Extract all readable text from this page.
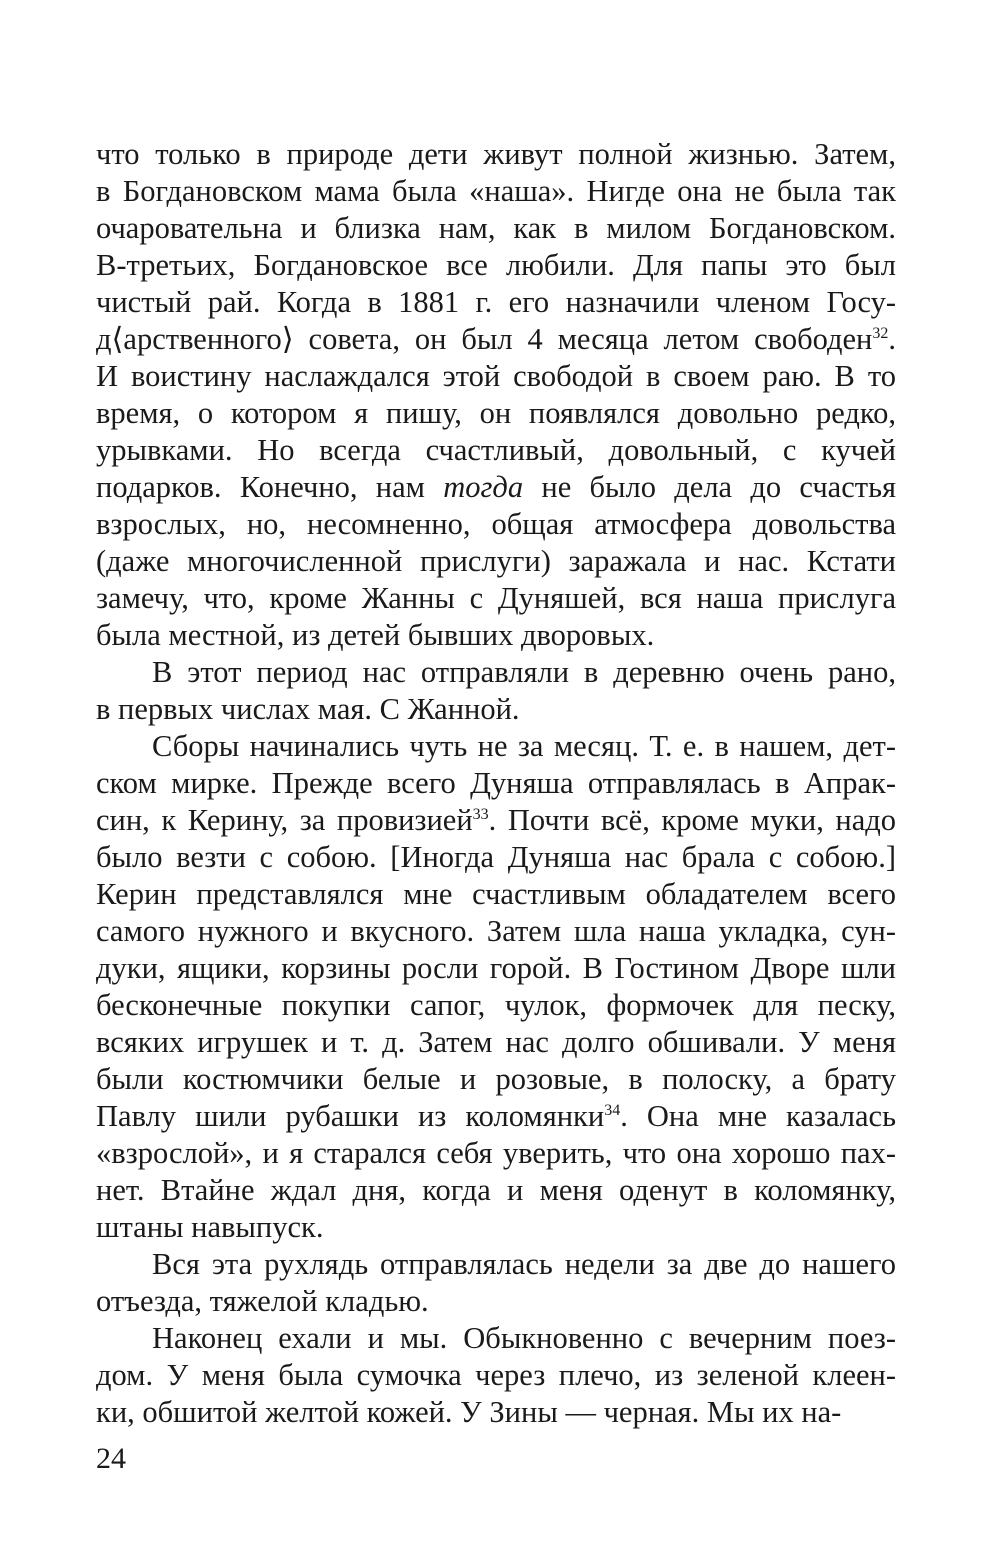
что только в природе дети живут полной жизнью. Затем,
в Богдановском мама была «наша». Нигде она не была так
очаровательна и близка нам, как в милом Богдановском.
В-третьих, Богдановское все любили. Для папы это был
чистый рай. Когда в 1881 г. его назначили членом Госу-
д⟨арственного⟩ совета, он был 4 месяца летом свободен$^{32}$.
И воистину наслаждался этой свободой в своем раю. В то
время, о котором я пишу, он появлялся довольно редко,
урывками. Но всегда счастливый, довольный, с кучей
подарков. Конечно, нам тогда не было дела до счастья
взрослых, но, несомненно, общая атмосфера довольства
(даже многочисленной прислуги) заражала и нас. Кстати
замечу, что, кроме Жанны с Дуняшей, вся наша прислуга
была местной, из детей бывших дворовых.
В этот период нас отправляли в деревню очень рано,
в первых числах мая. С Жанной.
Сборы начинались чуть не за месяц. Т. е. в нашем, дет-
ском мирке. Прежде всего Дуняша отправлялась в Апрак-
син, к Керину, за провизией$^{33}$. Почти всё, кроме муки, надо
было везти с собою. [Иногда Дуняша нас брала с собою.]
Керин представлялся мне счастливым обладателем всего
самого нужного и вкусного. Затем шла наша укладка, сун-
дуки, ящики, корзины росли горой. В Гостином Дворе шли
бесконечные покупки сапог, чулок, формочек для песку,
всяких игрушек и т. д. Затем нас долго обшивали. У меня
были костюмчики белые и розовые, в полоску, а брату
Павлу шили рубашки из коломянки$^{34}$. Она мне казалась
«взрослой», и я старался себя уверить, что она хорошо пах-
нет. Втайне ждал дня, когда и меня оденут в коломянку,
штаны навыпуск.
Вся эта рухлядь отправлялась недели за две до нашего
отъезда, тяжелой кладью.
Наконец ехали и мы. Обыкновенно с вечерним поез-
дом. У меня была сумочка через плечо, из зеленой клеен-
ки, обшитой желтой кожей. У Зины — черная. Мы их на-
24
